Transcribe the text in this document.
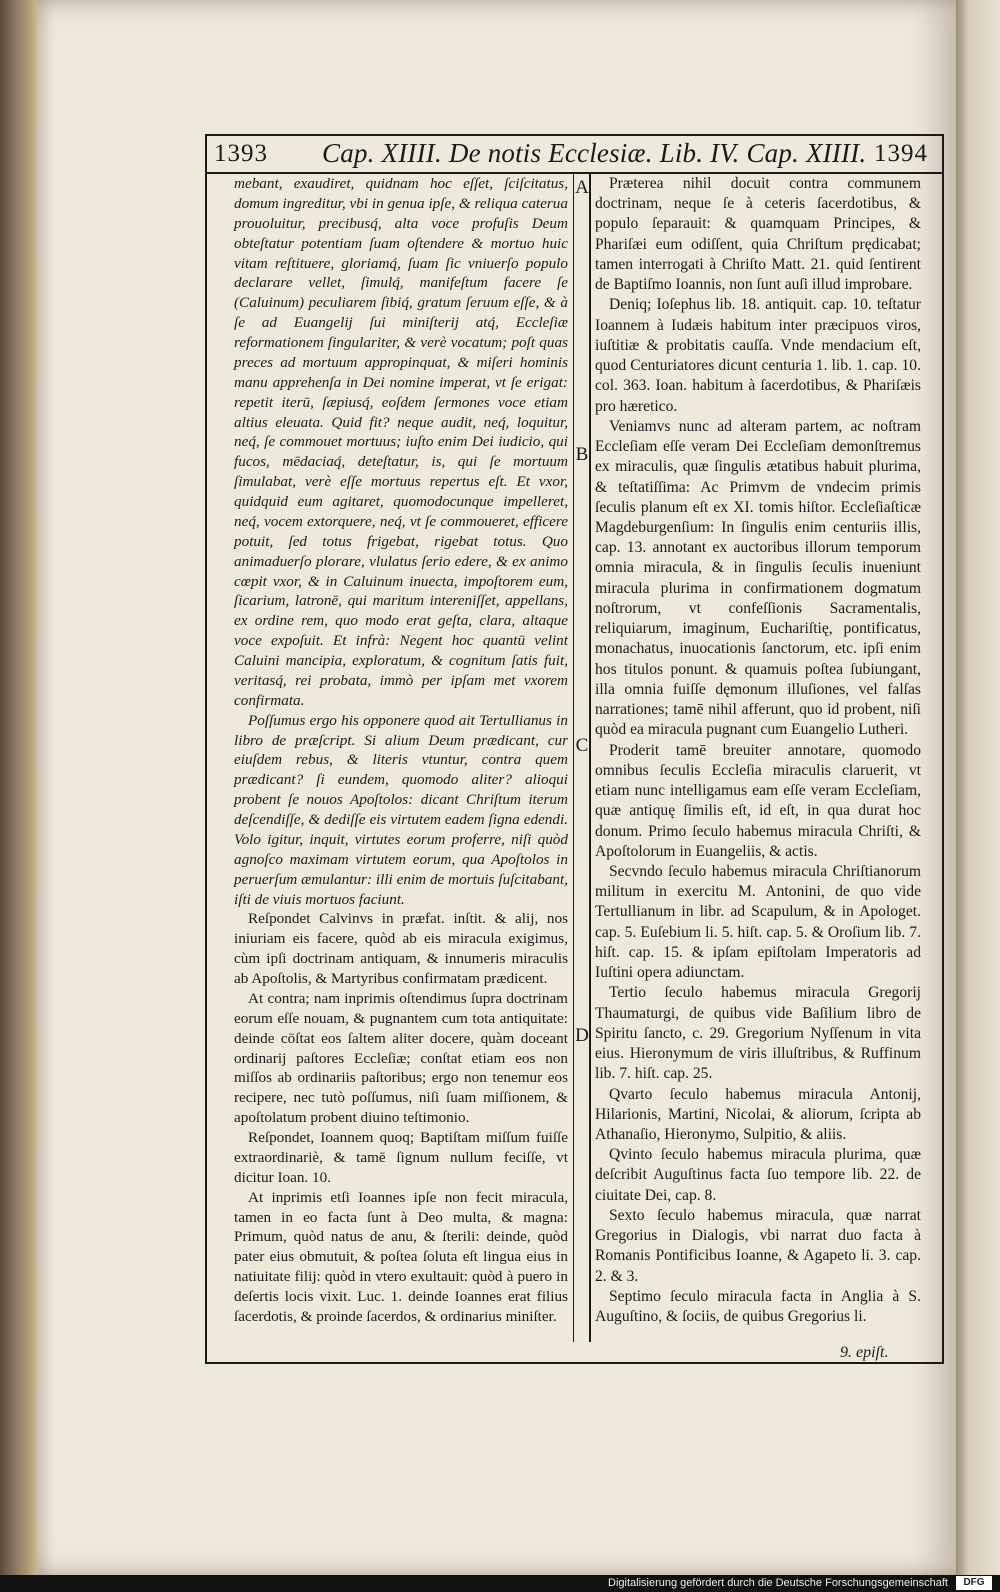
1393 Cap. XIIII. De notis Ecclesiæ. Lib. IV. Cap. XIIII. 1394
A
B
C
D

mebant, exaudiret, quidnam hoc eſſet, ſciſcitatus, domum ingreditur, vbi in genua ipſe, & reliqua caterua prouoluitur, precibusq́, alta voce profuſis Deum obteſtatur potentiam ſuam oſtendere & mortuo huic vitam reſtituere, gloriamq́, ſuam ſic vniuerſo populo declarare vellet, ſimulq́, manifeſtum facere ſe (Caluinum) peculiarem ſibiq́, gratum ſeruum eſſe, & à ſe ad Euangelij ſui miniſterij atq́, Eccleſiæ reformationem ſingulariter, & verè vocatum; poſt quas preces ad mortuum appropinquat, & miſeri hominis manu apprehenſa in Dei nomine imperat, vt ſe erigat: repetit iterū, ſæpiusq́, eoſdem ſermones voce etiam altius eleuata. Quid fit? neque audit, neq́, loquitur, neq́, ſe commouet mortuus; iuſto enim Dei iudicio, qui fucos, mēdaciaq́, deteſtatur, is, qui ſe mortuum ſimulabat, verè eſſe mortuus repertus eſt. Et vxor, quidquid eum agitaret, quomodocunque impelleret, neq́, vocem extorquere, neq́, vt ſe commoueret, efficere potuit, ſed totus frigebat, rigebat totus. Quo animaduerſo plorare, vlulatus ſerio edere, & ex animo cœpit vxor, & in Caluinum inuecta, impoſtorem eum, ſicarium, latronē, qui maritum intereniſſet, appellans, ex ordine rem, quo modo erat geſta, clara, altaque voce expoſuit. Et infrà: Negent hoc quantū velint Caluini mancipia, exploratum, & cognitum ſatis fuit, veritasq́, rei probata, immò per ipſam met vxorem confirmata.

Poſſumus ergo his opponere quod ait Tertullianus in libro de præſcript. Si alium Deum prædicant, cur eiuſdem rebus, & literis vtuntur, contra quem prædicant? ſi eundem, quomodo aliter? alioqui probent ſe nouos Apoſtolos: dicant Chriſtum iterum deſcendiſſe, & dediſſe eis virtutem eadem ſigna edendi. Volo igitur, inquit, virtutes eorum proferre, niſi quòd agnoſco maximam virtutem eorum, qua Apoſtolos in peruerſum æmulantur: illi enim de mortuis ſuſcitabant, iſti de viuis mortuos faciunt.

Reſpondet Calvinvs in præfat. inſtit. & alij, nos iniuriam eis facere, quòd ab eis miracula exigimus, cùm ipſi doctrinam antiquam, & innumeris miraculis ab Apoſtolis, & Martyribus confirmatam prædicent.

At contra; nam inprimis oſtendimus ſupra doctrinam eorum eſſe nouam, & pugnantem cum tota antiquitate: deinde cōſtat eos ſaltem aliter docere, quàm doceant ordinarij paſtores Eccleſiæ; conſtat etiam eos non miſſos ab ordinariis paſtoribus; ergo non tenemur eos recipere, nec tutò poſſumus, niſi ſuam miſſionem, & apoſtolatum probent diuino teſtimonio.

Reſpondet, Ioannem quoq; Baptiſtam miſſum fuiſſe extraordinariè, & tamē ſignum nullum feciſſe, vt dicitur Ioan. 10.

At inprimis etſi Ioannes ipſe non fecit miracula, tamen in eo facta ſunt à Deo multa, & magna: Primum, quòd natus de anu, & ſterili: deinde, quòd pater eius obmutuit, & poſtea ſoluta eſt lingua eius in natiuitate filij: quòd in vtero exultauit: quòd à puero in deſertis locis vixit. Luc. 1. deinde Ioannes erat filius ſacerdotis, & proinde ſacerdos, & ordinarius miniſter.

Præterea nihil docuit contra communem doctrinam, neque ſe à ceteris ſacerdotibus, & populo ſeparauit: & quamquam Principes, & Phariſæi eum odiſſent, quia Chriſtum prędicabat; tamen interrogati à Chriſto Matt. 21. quid ſentirent de Baptiſmo Ioannis, non ſunt auſi illud improbare.

Deniq; Ioſephus lib. 18. antiquit. cap. 10. teſtatur Ioannem à Iudæis habitum inter præcipuos viros, iuſtitiæ & probitatis cauſſa. Vnde mendacium eſt, quod Centuriatores dicunt centuria 1. lib. 1. cap. 10. col. 363. Ioan. habitum à ſacerdotibus, & Phariſæis pro hæretico.

Veniamvs nunc ad alteram partem, ac noſtram Eccleſiam eſſe veram Dei Eccleſiam demonſtremus ex miraculis, quæ ſingulis ætatibus habuit plurima, & teſtatiſſima: Ac Primvm de vndecim primis ſeculis planum eſt ex XI. tomis hiſtor. Eccleſiaſticæ Magdeburgenſium: In ſingulis enim centuriis illis, cap. 13. annotant ex auctoribus illorum temporum omnia miracula, & in ſingulis ſeculis inueniunt miracula plurima in confirmationem dogmatum noſtrorum, vt confeſſionis Sacramentalis, reliquiarum, imaginum, Euchariſtię, pontificatus, monachatus, inuocationis ſanctorum, etc. ipſi enim hos titulos ponunt. & quamuis poſtea ſubiungant, illa omnia fuiſſe dęmonum illuſiones, vel falſas narrationes; tamē nihil afferunt, quo id probent, niſi quòd ea miracula pugnant cum Euangelio Lutheri.

Proderit tamē breuiter annotare, quomodo omnibus ſeculis Eccleſia miraculis claruerit, vt etiam nunc intelligamus eam eſſe veram Eccleſiam, quæ antiquę ſimilis eſt, id eſt, in qua durat hoc donum. Primo ſeculo habemus miracula Chriſti, & Apoſtolorum in Euangeliis, & actis.

Secvndo ſeculo habemus miracula Chriſtianorum militum in exercitu M. Antonini, de quo vide Tertullianum in libr. ad Scapulum, & in Apologet. cap. 5. Euſebium li. 5. hiſt. cap. 5. & Oroſium lib. 7. hiſt. cap. 15. & ipſam epiſtolam Imperatoris ad Iuſtini opera adiunctam.

Tertio ſeculo habemus miracula Gregorij Thaumaturgi, de quibus vide Baſilium libro de Spiritu ſancto, c. 29. Gregorium Nyſſenum in vita eius. Hieronymum de viris illuſtribus, & Ruffinum lib. 7. hiſt. cap. 25.

Qvarto ſeculo habemus miracula Antonij, Hilarionis, Martini, Nicolai, & aliorum, ſcripta ab Athanaſio, Hieronymo, Sulpitio, & aliis.

Qvinto ſeculo habemus miracula plurima, quæ deſcribit Auguſtinus facta ſuo tempore lib. 22. de ciuitate Dei, cap. 8.

Sexto ſeculo habemus miracula, quæ narrat Gregorius in Dialogis, vbi narrat duo facta à Romanis Pontificibus Ioanne, & Agapeto li. 3. cap. 2. & 3.

Septimo ſeculo miracula facta in Anglia à S. Auguſtino, & ſociis, de quibus Gregorius li.

9. epiſt.
Digitalisierung gefördert durch die Deutsche Forschungsgemeinschaft	DFG
